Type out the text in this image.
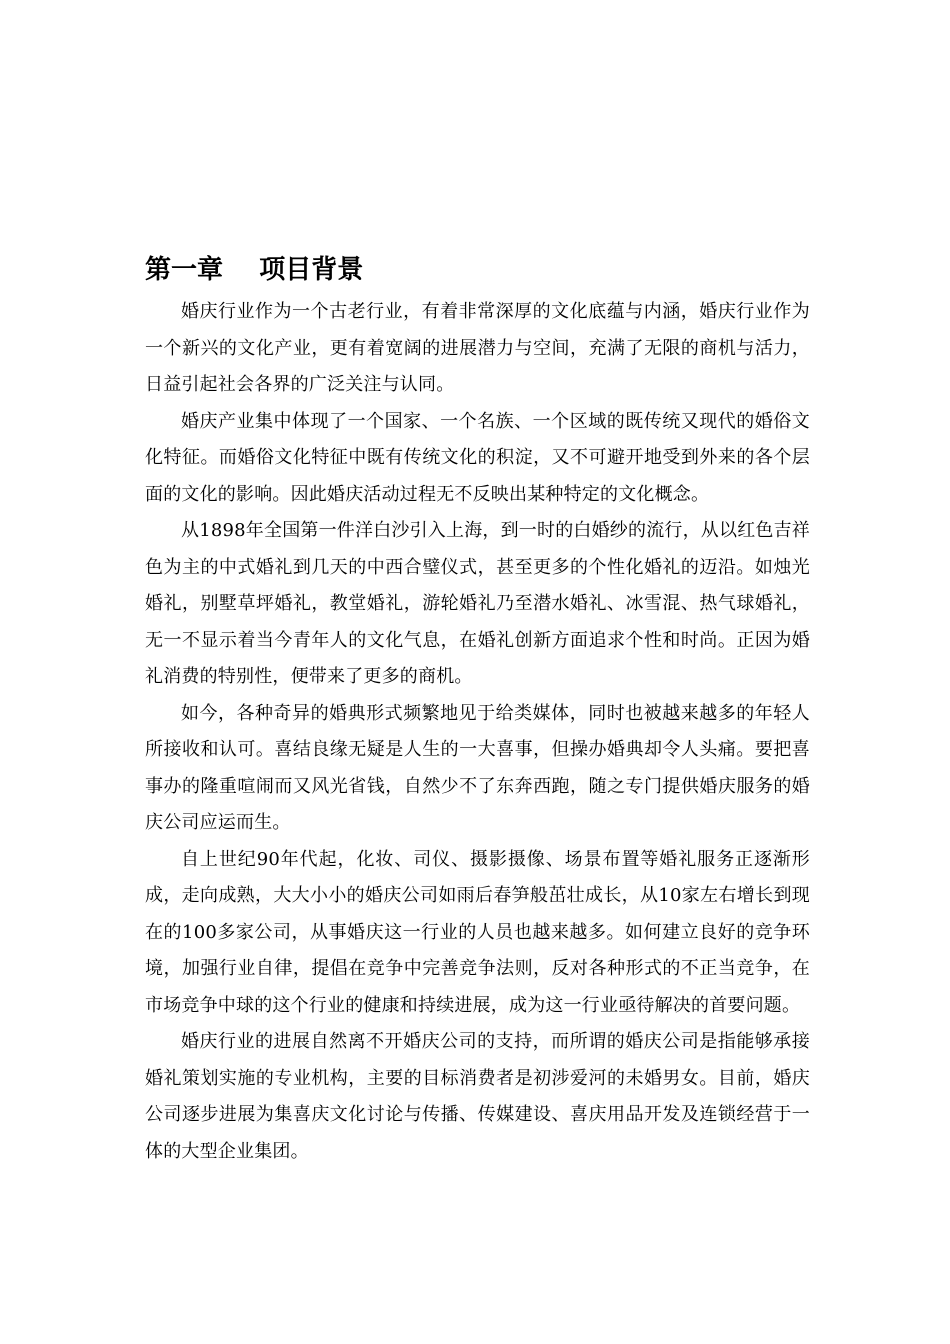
第一章    项目背景

婚庆行业作为一个古老行业，有着非常深厚的文化底蕴与内涵，婚庆行业作为一个新兴的文化产业，更有着宽阔的进展潜力与空间，充满了无限的商机与活力，日益引起社会各界的广泛关注与认同。

婚庆产业集中体现了一个国家、一个名族、一个区域的既传统又现代的婚俗文化特征。而婚俗文化特征中既有传统文化的积淀，又不可避开地受到外来的各个层面的文化的影响。因此婚庆活动过程无不反映出某种特定的文化概念。

从1898年全国第一件洋白沙引入上海，到一时的白婚纱的流行，从以红色吉祥色为主的中式婚礼到几天的中西合璧仪式，甚至更多的个性化婚礼的迈沿。如烛光婚礼，别墅草坪婚礼，教堂婚礼，游轮婚礼乃至潜水婚礼、冰雪混、热气球婚礼，无一不显示着当今青年人的文化气息，在婚礼创新方面追求个性和时尚。正因为婚礼消费的特别性，便带来了更多的商机。

如今，各种奇异的婚典形式频繁地见于给类媒体，同时也被越来越多的年轻人所接收和认可。喜结良缘无疑是人生的一大喜事，但操办婚典却令人头痛。要把喜事办的隆重喧闹而又风光省钱，自然少不了东奔西跑，随之专门提供婚庆服务的婚庆公司应运而生。

自上世纪90年代起，化妆、司仪、摄影摄像、场景布置等婚礼服务正逐渐形成，走向成熟，大大小小的婚庆公司如雨后春笋般茁壮成长，从10家左右增长到现在的100多家公司，从事婚庆这一行业的人员也越来越多。如何建立良好的竞争环境，加强行业自律，提倡在竞争中完善竞争法则，反对各种形式的不正当竞争，在市场竞争中球的这个行业的健康和持续进展，成为这一行业亟待解决的首要问题。

婚庆行业的进展自然离不开婚庆公司的支持，而所谓的婚庆公司是指能够承接婚礼策划实施的专业机构，主要的目标消费者是初涉爱河的未婚男女。目前，婚庆公司逐步进展为集喜庆文化讨论与传播、传媒建设、喜庆用品开发及连锁经营于一体的大型企业集团。
